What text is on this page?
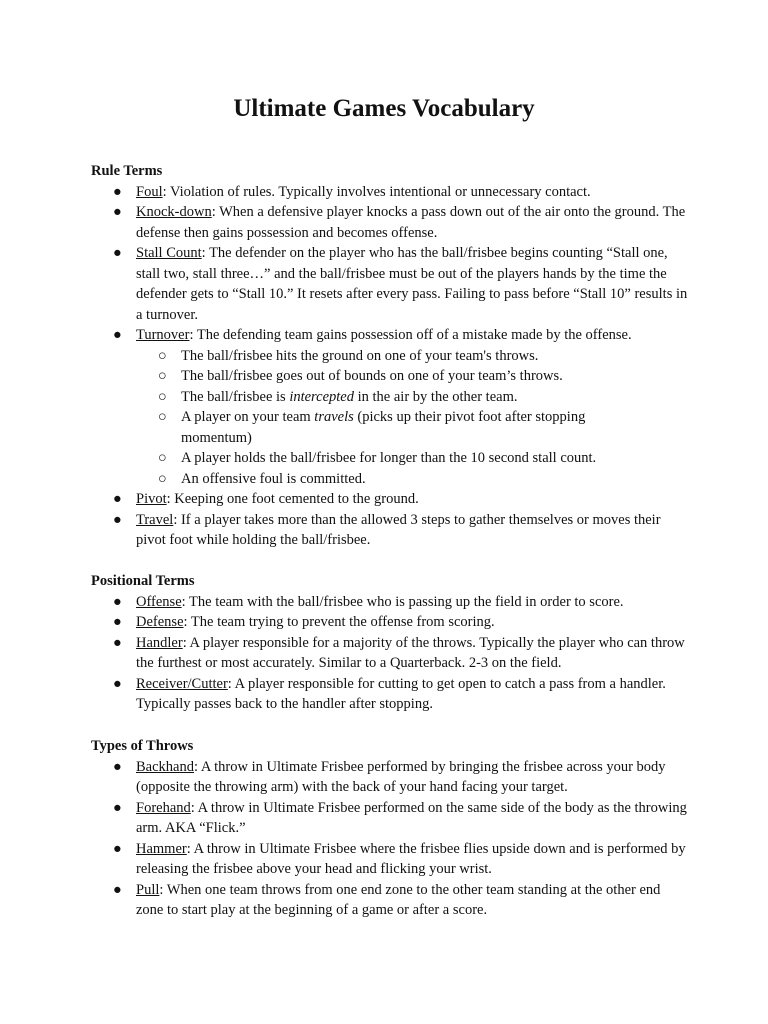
Ultimate Games Vocabulary

Rule Terms

● Foul: Violation of rules. Typically involves intentional or unnecessary contact.
● Knock-down: When a defensive player knocks a pass down out of the air onto the ground. The defense then gains possession and becomes offense.
● Stall Count: The defender on the player who has the ball/frisbee begins counting “Stall one, stall two, stall three…” and the ball/frisbee must be out of the players hands by the time the defender gets to “Stall 10.” It resets after every pass. Failing to pass before “Stall 10” results in a turnover.
● Turnover: The defending team gains possession off of a mistake made by the offense.
○ The ball/frisbee hits the ground on one of your team's throws.
○ The ball/frisbee goes out of bounds on one of your team’s throws.
○ The ball/frisbee is intercepted in the air by the other team.
○ A player on your team travels (picks up their pivot foot after stopping momentum)
○ A player holds the ball/frisbee for longer than the 10 second stall count.
○ An offensive foul is committed.
● Pivot: Keeping one foot cemented to the ground.
● Travel: If a player takes more than the allowed 3 steps to gather themselves or moves their pivot foot while holding the ball/frisbee.

Positional Terms

● Offense: The team with the ball/frisbee who is passing up the field in order to score.
● Defense: The team trying to prevent the offense from scoring.
● Handler: A player responsible for a majority of the throws. Typically the player who can throw the furthest or most accurately. Similar to a Quarterback. 2-3 on the field.
● Receiver/Cutter: A player responsible for cutting to get open to catch a pass from a handler. Typically passes back to the handler after stopping.

Types of Throws

● Backhand: A throw in Ultimate Frisbee performed by bringing the frisbee across your body (opposite the throwing arm) with the back of your hand facing your target.
● Forehand: A throw in Ultimate Frisbee performed on the same side of the body as the throwing arm. AKA “Flick.”
● Hammer: A throw in Ultimate Frisbee where the frisbee flies upside down and is performed by releasing the frisbee above your head and flicking your wrist.
● Pull: When one team throws from one end zone to the other team standing at the other end zone to start play at the beginning of a game or after a score.
